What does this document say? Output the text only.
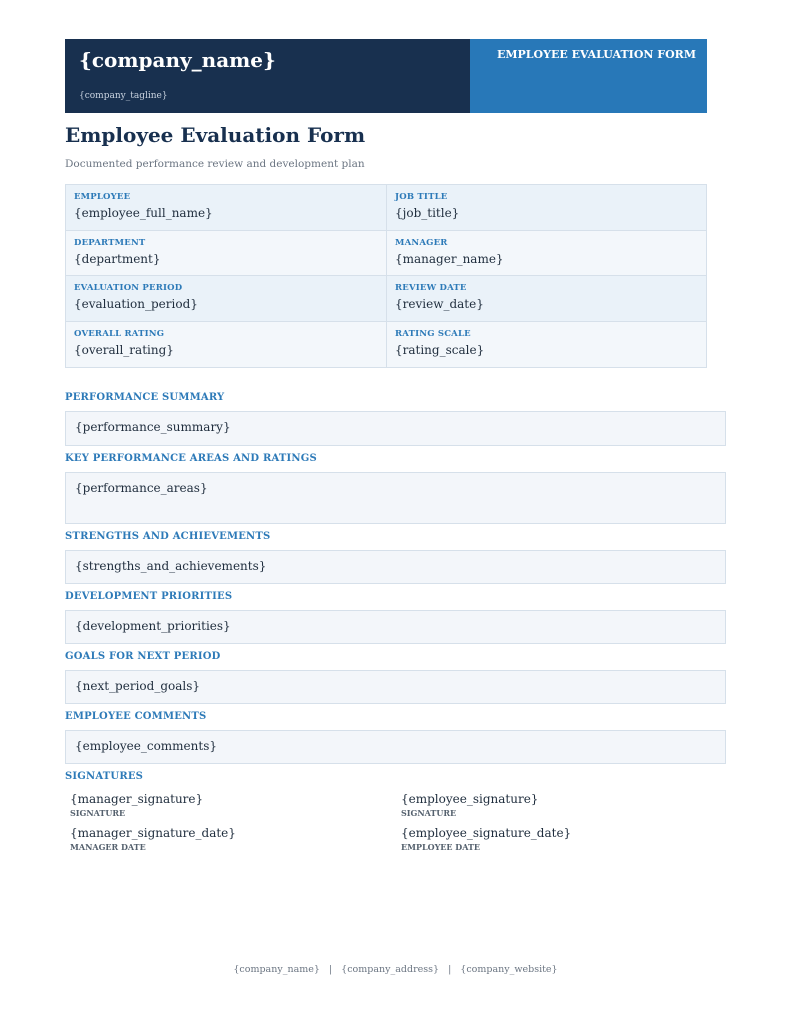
{company_name}
{company_tagline}
EMPLOYEE EVALUATION FORM
Employee Evaluation Form
Documented performance review and development plan
EMPLOYEE
{employee_full_name}
JOB TITLE
{job_title}
DEPARTMENT
{department}
MANAGER
{manager_name}
EVALUATION PERIOD
{evaluation_period}
REVIEW DATE
{review_date}
OVERALL RATING
{overall_rating}
RATING SCALE
{rating_scale}
PERFORMANCE SUMMARY
{performance_summary}
KEY PERFORMANCE AREAS AND RATINGS
{performance_areas}
STRENGTHS AND ACHIEVEMENTS
{strengths_and_achievements}
DEVELOPMENT PRIORITIES
{development_priorities}
GOALS FOR NEXT PERIOD
{next_period_goals}
EMPLOYEE COMMENTS
{employee_comments}
SIGNATURES
{manager_signature}
SIGNATURE
{employee_signature}
SIGNATURE
{manager_signature_date}
MANAGER DATE
{employee_signature_date}
EMPLOYEE DATE
{company_name} | {company_address} | {company_website}
